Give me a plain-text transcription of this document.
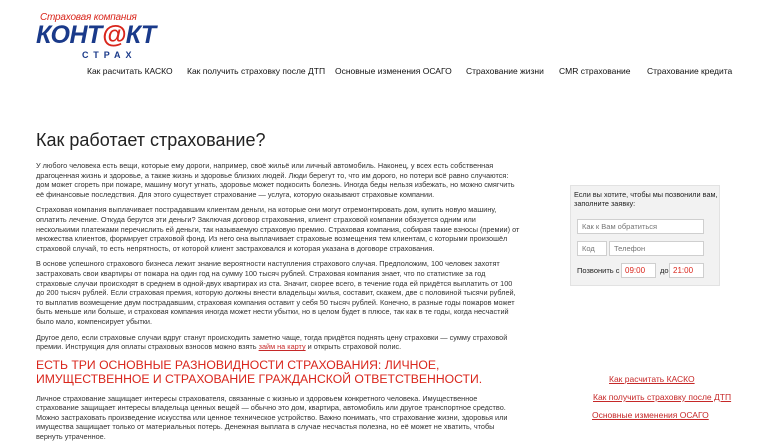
Страховая компания
КОНТ@КТ
СТРАХ
Как расчитать КАСКО Как получить страховку после ДТП Основные изменения ОСАГО Страхование жизни CMR страхование Страхование кредита
Как работает страхование?

У любого человека есть вещи, которые ему дороги, например, своё жильё или личный автомобиль. Наконец, у всех есть собственная драгоценная жизнь и здоровье, а также жизнь и здоровье близких людей. Люди берегут то, что им дорого, но потери всё равно случаются: дом может сгореть при пожаре, машину могут угнать, здоровье может подкосить болезнь. Иногда беды нельзя избежать, но можно смягчить её финансовые последствия. Для этого существует страхование — услуга, которую оказывают страховые компании.

Страховая компания выплачивает пострадавшим клиентам деньги, на которые они могут отремонтировать дом, купить новую машину, оплатить лечение. Откуда берутся эти деньги? Заключая договор страхования, клиент страховой компании обязуется одним или несколькими платежами перечислить ей деньги, так называемую страховую премию. Страховая компания, собирая такие взносы (премии) от множества клиентов, формирует страховой фонд. Из него она выплачивает страховые возмещения тем клиентам, с которыми произошёл страховой случай, то есть непрятность, от которой клиент застраховался и которая указана в договоре страхования.

В основе успешного страхового бизнеса лежит знание вероятности наступления страхового случая. Предположим, 100 человек захотят застраховать свои квартиры от пожара на один год на сумму 100 тысяч рублей. Страховая компания знает, что по статистике за год страховые случаи происходят в среднем в одной-двух квартирах из ста. Значит, скорее всего, в течение года ей придётся выплатить от 100 до 200 тысяч рублей. Если страховая премия, которую должны внести владельцы жилья, составит, скажем, две с половиной тысячи рублей, то выплатив возмещение двум пострадавшим, страховая компания оставит у себя 50 тысяч рублей. Конечно, в разные годы пожаров может быть меньше или больше, и страховая компания иногда может нести убытки, но в целом будет в плюсе, так как в те годы, когда несчастий было мало, компенсирует убытки.

Другое дело, если страховые случаи вдруг станут происходить заметно чаще, тогда придётся поднять цену страховки — сумму страховой премии. Инструкция для оплаты страховых взносов можно взять займ на карту и открыть страховой полис.

ЕСТЬ ТРИ ОСНОВНЫЕ РАЗНОВИДНОСТИ СТРАХОВАНИЯ: ЛИЧНОЕ, ИМУЩЕСТВЕННОЕ И СТРАХОВАНИЕ ГРАЖДАНСКОЙ ОТВЕТСТВЕННОСТИ.

Личное страхование защищает интересы страхователя, связанные с жизнью и здоровьем конкретного человека. Имущественное страхование защищает интересы владельца ценных вещей — обычно это дом, квартира, автомобиль или другое транспортное средство. Можно застраховать произведение искусства или ценное техническое устройство. Важно понимать, что страхование жизни, здоровья или имущества защищает только от материальных потерь. Денежная выплата в случае несчастья полезна, но её может не хватить, чтобы вернуть утраченное.

Если вы хотите, чтобы мы позвонили вам, заполните заявку:
Как к Вам обратиться
Код
Телефон
Позвонить с 09:00	до 21:00
Как расчитать КАСКО
Как получить страховку после ДТП
Основные изменения ОСАГО
